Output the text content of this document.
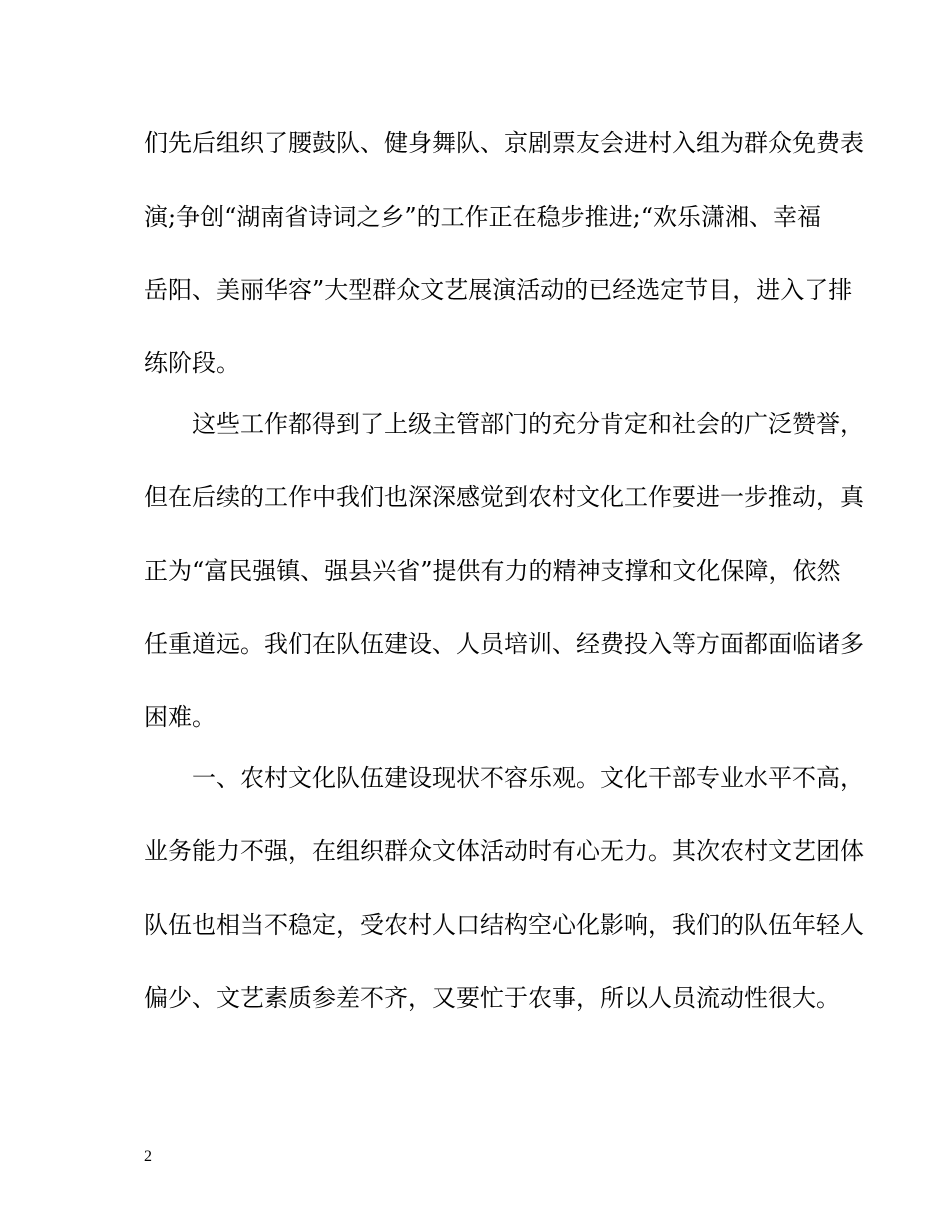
们先后组织了腰鼓队、健身舞队、京剧票友会进村入组为群众免费表
演;争创“湖南省诗词之乡”的工作正在稳步推进;“欢乐潇湘、幸福
岳阳、美丽华容”大型群众文艺展演活动的已经选定节目，进入了排
练阶段。
这些工作都得到了上级主管部门的充分肯定和社会的广泛赞誉，
但在后续的工作中我们也深深感觉到农村文化工作要进一步推动，真
正为“富民强镇、强县兴省”提供有力的精神支撑和文化保障，依然
任重道远。我们在队伍建设、人员培训、经费投入等方面都面临诸多
困难。
一、农村文化队伍建设现状不容乐观。文化干部专业水平不高，
业务能力不强，在组织群众文体活动时有心无力。其次农村文艺团体
队伍也相当不稳定，受农村人口结构空心化影响，我们的队伍年轻人
偏少、文艺素质参差不齐，又要忙于农事，所以人员流动性很大。
2
